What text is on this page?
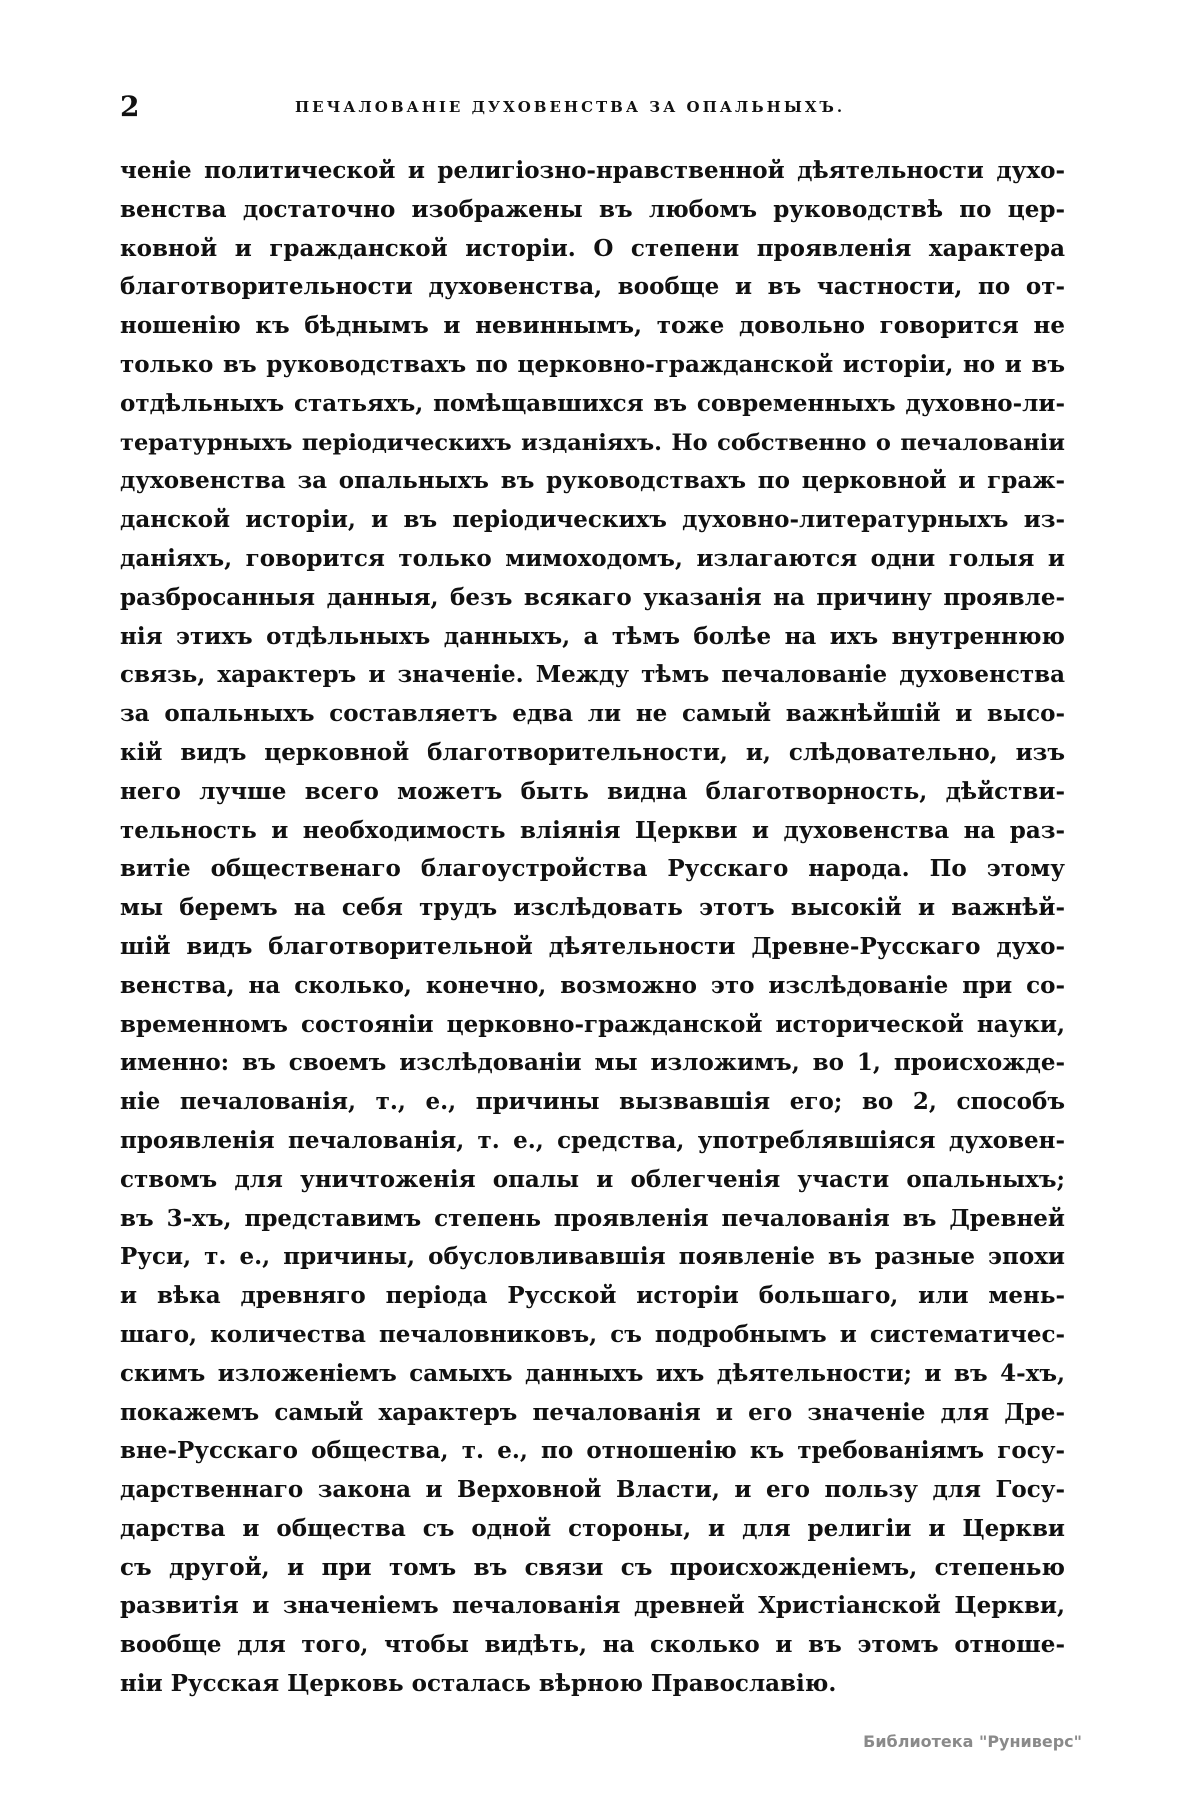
2	ПЕЧАЛОВАНІЕ ДУХОВЕНСТВА ЗА ОПАЛЬНЫХЪ.
ченіе политической и религіозно-нравственной дѣятельности духо-
венства достаточно изображены въ любомъ руководствѣ по цер-
ковной и гражданской исторіи. О степени проявленія характера
благотворительности духовенства, вообще и въ частности, по от-
ношенію къ бѣднымъ и невиннымъ, тоже довольно говорится не
только въ руководствахъ по церковно-гражданской исторіи, но и въ
отдѣльныхъ статьяхъ, помѣщавшихся въ современныхъ духовно-ли-
тературныхъ періодическихъ изданіяхъ. Но собственно о печалованіи
духовенства за опальныхъ въ руководствахъ по церковной и граж-
данской исторіи, и въ періодическихъ духовно-литературныхъ из-
даніяхъ, говорится только мимоходомъ, излагаются одни голыя и
разбросанныя данныя, безъ всякаго указанія на причину проявле-
нія этихъ отдѣльныхъ данныхъ, а тѣмъ болѣе на ихъ внутреннюю
связь, характеръ и значеніе. Между тѣмъ печалованіе духовенства
за опальныхъ составляетъ едва ли не самый важнѣйшій и высо-
кій видъ церковной благотворительности, и, слѣдовательно, изъ
него лучше всего можетъ быть видна благотворность, дѣйстви-
тельность и необходимость вліянія Церкви и духовенства на раз-
витіе общественаго благоустройства Русскаго народа. По этому
мы беремъ на себя трудъ изслѣдовать этотъ высокій и важнѣй-
шій видъ благотворительной дѣятельности Древне-Русскаго духо-
венства, на сколько, конечно, возможно это изслѣдованіе при со-
временномъ состояніи церковно-гражданской исторической науки,
именно: въ своемъ изслѣдованіи мы изложимъ, во 1, происхожде-
ніе печалованія, т., е., причины вызвавшія его; во 2, способъ
проявленія печалованія, т. е., средства, употреблявшіяся духовен-
ствомъ для уничтоженія опалы и облегченія участи опальныхъ;
въ 3-хъ, представимъ степень проявленія печалованія въ Древней
Руси, т. е., причины, обусловливавшія появленіе въ разные эпохи
и вѣка древняго періода Русской исторіи большаго, или мень-
шаго, количества печаловниковъ, съ подробнымъ и систематичес-
скимъ изложеніемъ самыхъ данныхъ ихъ дѣятельности; и въ 4-хъ,
покажемъ самый характеръ печалованія и его значеніе для Дре-
вне-Русскаго общества, т. е., по отношенію къ требованіямъ госу-
дарственнаго закона и Верховной Власти, и его пользу для Госу-
дарства и общества съ одной стороны, и для религіи и Церкви
съ другой, и при томъ въ связи съ происхожденіемъ, степенью
развитія и значеніемъ печалованія древней Христіанской Церкви,
вообще для того, чтобы видѣть, на сколько и въ этомъ отноше-
ніи Русская Церковь осталась вѣрною Православію.
Библиотека "Руниверс"
